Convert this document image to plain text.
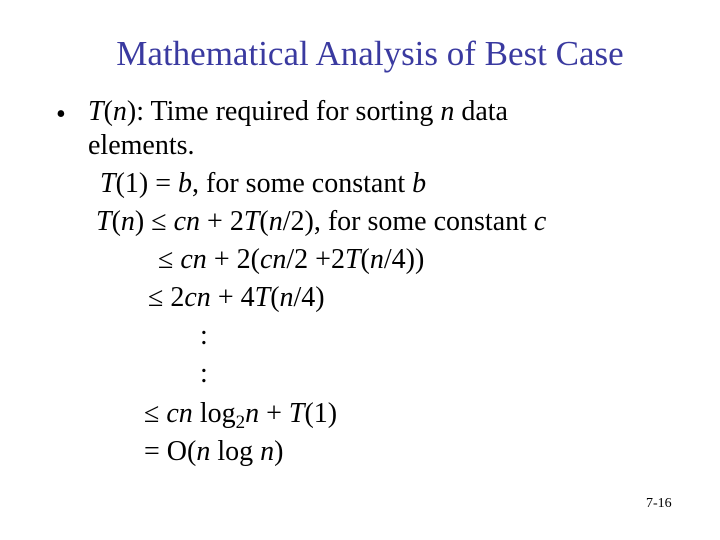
Mathematical Analysis of Best Case
• T(n): Time required for sorting n data
elements.
T(1) = b, for some constant b
T(n) ≤ cn + 2T(n/2), for some constant c
≤ cn + 2(cn/2 +2T(n/4))
≤ 2cn + 4T(n/4)
:
:
≤ cn $\log_2n + T(1)$
= O(n log n)
7-16
